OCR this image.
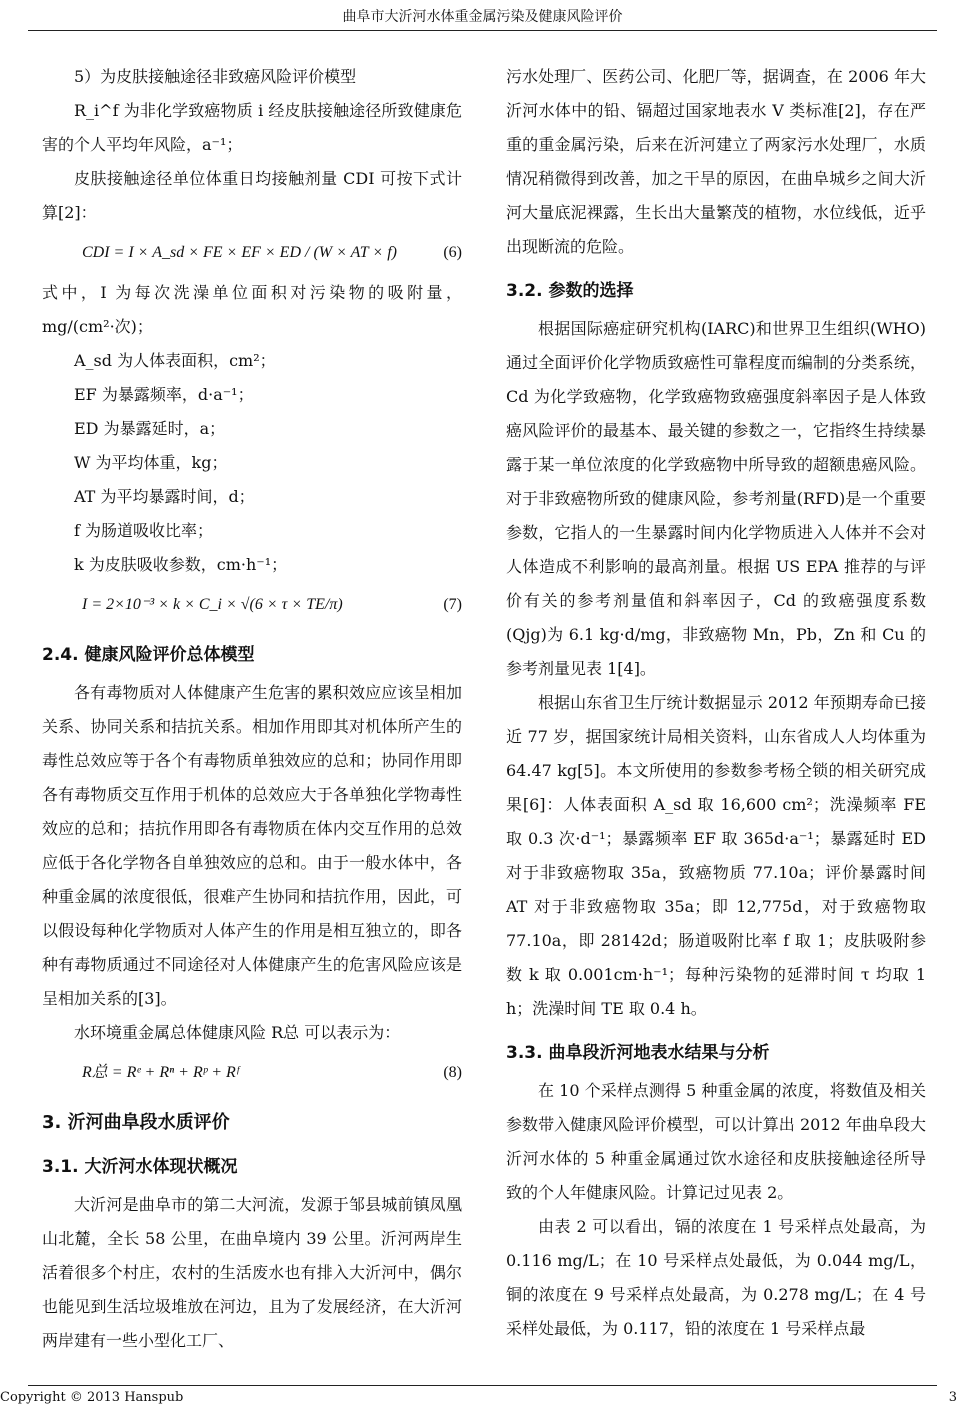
曲阜市大沂河水体重金属污染及健康风险评价

5）为皮肤接触途径非致癌风险评价模型

R_i^f 为非化学致癌物质 i 经皮肤接触途径所致健康危害的个人平均年风险，a⁻¹；

皮肤接触途径单位体重日均接触剂量 CDI 可按下式计算[2]：

CDI = I × A_sd × FE × EF × ED / (W × AT × f)	(6)

式中，I 为每次洗澡单位面积对污染物的吸附量，mg/(cm²·次)；

A_sd 为人体表面积，cm²；

EF 为暴露频率，d·a⁻¹；

ED 为暴露延时，a；

W 为平均体重，kg；

AT 为平均暴露时间，d；

f 为肠道吸收比率；

k 为皮肤吸收参数，cm·h⁻¹；

I = 2×10⁻³ × k × C_i × √(6 × τ × TE/π)	(7)
2.4. 健康风险评价总体模型

各有毒物质对人体健康产生危害的累积效应应该呈相加关系、协同关系和拮抗关系。相加作用即其对机体所产生的毒性总效应等于各个有毒物质单独效应的总和；协同作用即各有毒物质交互作用于机体的总效应大于各单独化学物毒性效应的总和；拮抗作用即各有毒物质在体内交互作用的总效应低于各化学物各自单独效应的总和。由于一般水体中，各种重金属的浓度很低，很难产生协同和拮抗作用，因此，可以假设每种化学物质对人体产生的作用是相互独立的，即各种有毒物质通过不同途径对人体健康产生的危害风险应该是呈相加关系的[3]。

水环境重金属总体健康风险 R总 可以表示为：

R总 = Rᵉ + Rⁿ + Rᵖ + Rᶠ	(8)
3. 沂河曲阜段水质评价
3.1. 大沂河水体现状概况

大沂河是曲阜市的第二大河流，发源于邹县城前镇凤凰山北麓，全长 58 公里，在曲阜境内 39 公里。沂河两岸生活着很多个村庄，农村的生活废水也有排入大沂河中，偶尔也能见到生活垃圾堆放在河边，且为了发展经济，在大沂河两岸建有一些小型化工厂、

污水处理厂、医药公司、化肥厂等，据调查，在 2006 年大沂河水体中的铅、镉超过国家地表水 V 类标准[2]，存在严重的重金属污染，后来在沂河建立了两家污水处理厂，水质情况稍微得到改善，加之干旱的原因，在曲阜城乡之间大沂河大量底泥裸露，生长出大量繁茂的植物，水位线低，近乎出现断流的危险。

3.2. 参数的选择

根据国际癌症研究机构(IARC)和世界卫生组织(WHO)通过全面评价化学物质致癌性可靠程度而编制的分类系统，Cd 为化学致癌物，化学致癌物致癌强度斜率因子是人体致癌风险评价的最基本、最关键的参数之一，它指终生持续暴露于某一单位浓度的化学致癌物中所导致的超额患癌风险。对于非致癌物所致的健康风险，参考剂量(RFD)是一个重要参数，它指人的一生暴露时间内化学物质进入人体并不会对人体造成不利影响的最高剂量。根据 US EPA 推荐的与评价有关的参考剂量值和斜率因子，Cd 的致癌强度系数(Qjg)为 6.1 kg·d/mg，非致癌物 Mn，Pb，Zn 和 Cu 的参考剂量见表 1[4]。

根据山东省卫生厅统计数据显示 2012 年预期寿命已接近 77 岁，据国家统计局相关资料，山东省成人人均体重为 64.47 kg[5]。本文所使用的参数参考杨仝锁的相关研究成果[6]：人体表面积 A_sd 取 16,600 cm²；洗澡频率 FE 取 0.3 次·d⁻¹；暴露频率 EF 取 365d·a⁻¹；暴露延时 ED 对于非致癌物取 35a，致癌物质 77.10a；评价暴露时间 AT 对于非致癌物取 35a；即 12,775d，对于致癌物取 77.10a，即 28142d；肠道吸附比率 f 取 1；皮肤吸附参数 k 取 0.001cm·h⁻¹；每种污染物的延滞时间 τ 均取 1 h；洗澡时间 TE 取 0.4 h。

3.3. 曲阜段沂河地表水结果与分析

在 10 个采样点测得 5 种重金属的浓度，将数值及相关参数带入健康风险评价模型，可以计算出 2012 年曲阜段大沂河水体的 5 种重金属通过饮水途径和皮肤接触途径所导致的个人年健康风险。计算记过见表 2。

由表 2 可以看出，镉的浓度在 1 号采样点处最高，为 0.116 mg/L；在 10 号采样点处最低，为 0.044 mg/L，铜的浓度在 9 号采样点处最高，为 0.278 mg/L；在 4 号采样处最低，为 0.117，铅的浓度在 1 号采样点最

Copyright © 2013 Hanspub	3
